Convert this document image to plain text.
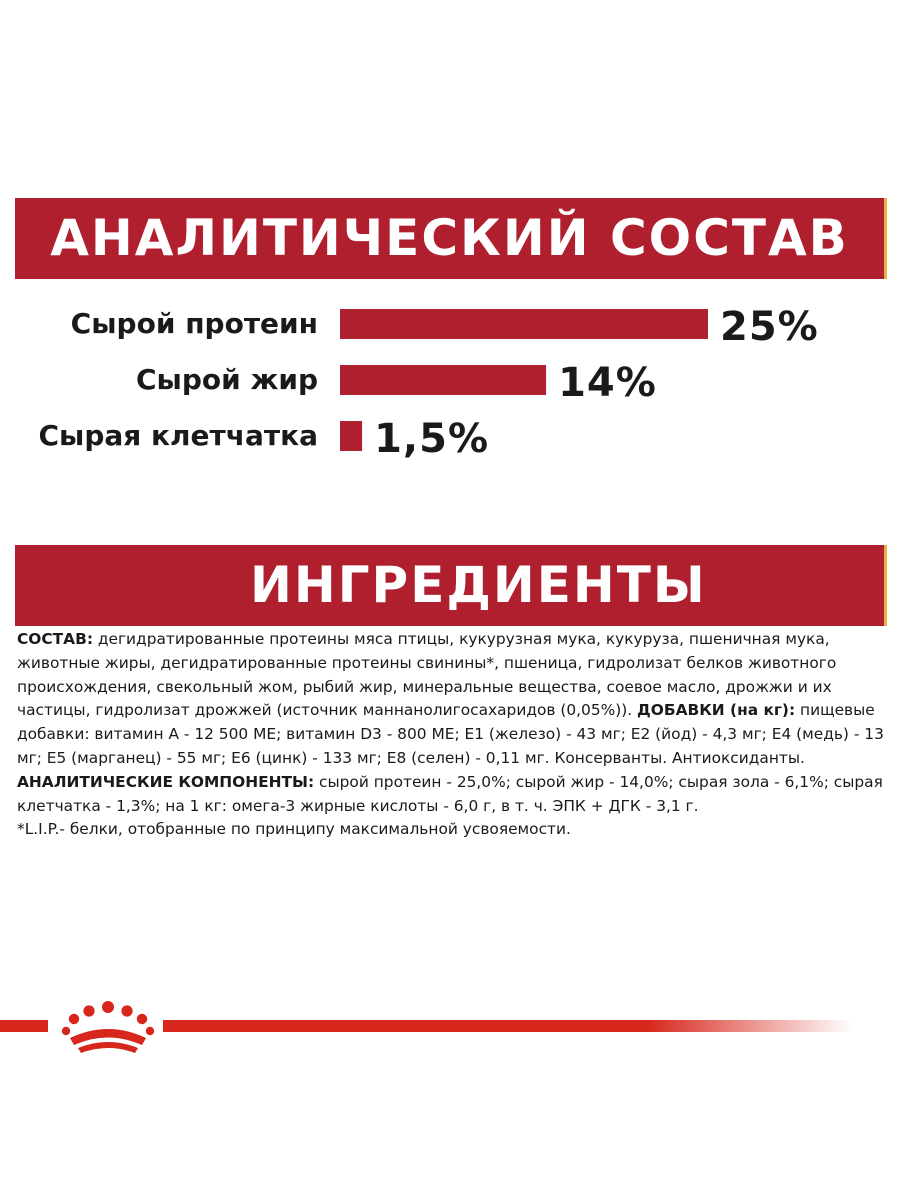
АНАЛИТИЧЕСКИЙ СОСТАВ
Сырой протеин	25%
Сырой жир	14%
Сырая клетчатка 1,5%
ИНГРЕДИЕНТЫ

СОСТАВ: дегидратированные протеины мяса птицы, кукурузная мука, кукуруза, пшеничная мука, животные жиры, дегидратированные протеины свинины*, пшеница, гидролизат белков животного происхождения, свекольный жом, рыбий жир, минеральные вещества, соевое масло, дрожжи и их частицы, гидролизат дрожжей (источник маннанолигосахаридов (0,05%)). ДОБАВКИ (на кг): пищевые добавки: витамин А - 12 500 МЕ; витамин D3 - 800 МЕ; Е1 (железо) - 43 мг; Е2 (йод) - 4,3 мг; Е4 (медь) - 13 мг; Е5 (марганец) - 55 мг; Е6 (цинк) - 133 мг; Е8 (селен) - 0,11 мг. Консерванты. Антиоксиданты. АНАЛИТИЧЕСКИЕ КОМПОНЕНТЫ: сырой протеин - 25,0%; сырой жир - 14,0%; сырая зола - 6,1%; сырая клетчатка - 1,3%; на 1 кг: омега-3 жирные кислоты - 6,0 г, в т. ч. ЭПК + ДГК - 3,1 г.

*L.I.P.- белки, отобранные по принципу максимальной усвояемости.
